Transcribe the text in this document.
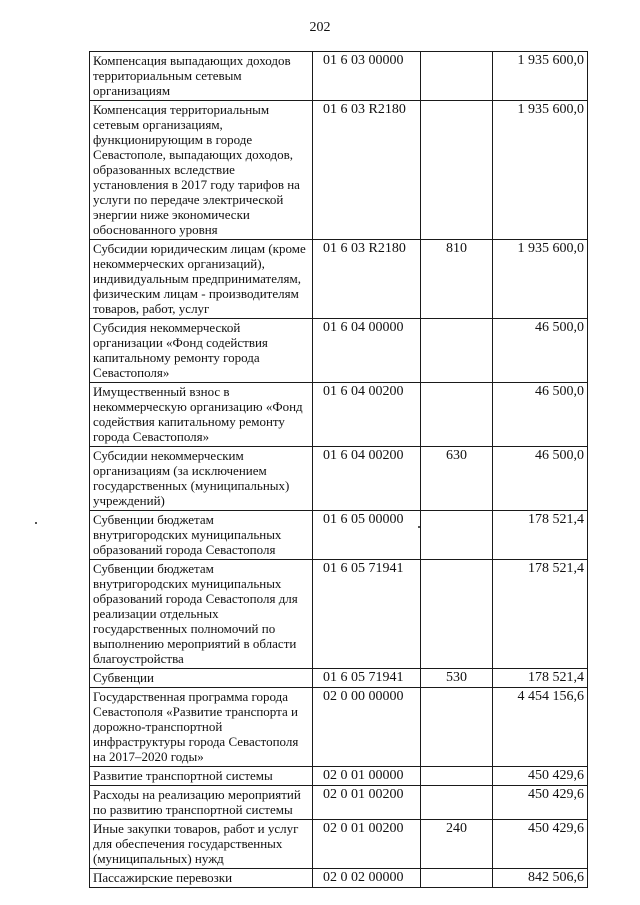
202
Компенсация выпадающих доходов территориальным сетевым организациям	01 6 03 00000		1 935 600,0
Компенсация территориальным сетевым организациям, функционирующим в городе Севастополе, выпадающих доходов, образованных вследствие установления в 2017 году тарифов на услуги по передаче электрической энергии ниже экономически обоснованного уровня	01 6 03 R2180		1 935 600,0
Субсидии юридическим лицам (кроме некоммерческих организаций), индивидуальным предпринимателям, физическим лицам - производителям товаров, работ, услуг	01 6 03 R2180	810	1 935 600,0
Субсидия некоммерческой организации «Фонд содействия капитальному ремонту города Севастополя»	01 6 04 00000		46 500,0
Имущественный взнос в некоммерческую организацию «Фонд содействия капитальному ремонту города Севастополя»	01 6 04 00200		46 500,0
Субсидии некоммерческим организациям (за исключением государственных (муниципальных) учреждений)	01 6 04 00200	630	46 500,0
Субвенции бюджетам внутригородских муниципальных образований города Севастополя	01 6 05 00000		178 521,4
Субвенции бюджетам внутригородских муниципальных образований города Севастополя для реализации отдельных государственных полномочий по выполнению мероприятий в области благоустройства	01 6 05 71941		178 521,4
Субвенции	01 6 05 71941	530	178 521,4
Государственная программа города Севастополя «Развитие транспорта и дорожно-транспортной инфраструктуры города Севастополя на 2017–2020 годы»	02 0 00 00000		4 454 156,6
Развитие транспортной системы	02 0 01 00000		450 429,6
Расходы на реализацию мероприятий по развитию транспортной системы	02 0 01 00200		450 429,6
Иные закупки товаров, работ и услуг для обеспечения государственных (муниципальных) нужд	02 0 01 00200	240	450 429,6
Пассажирские перевозки	02 0 02 00000		842 506,6
